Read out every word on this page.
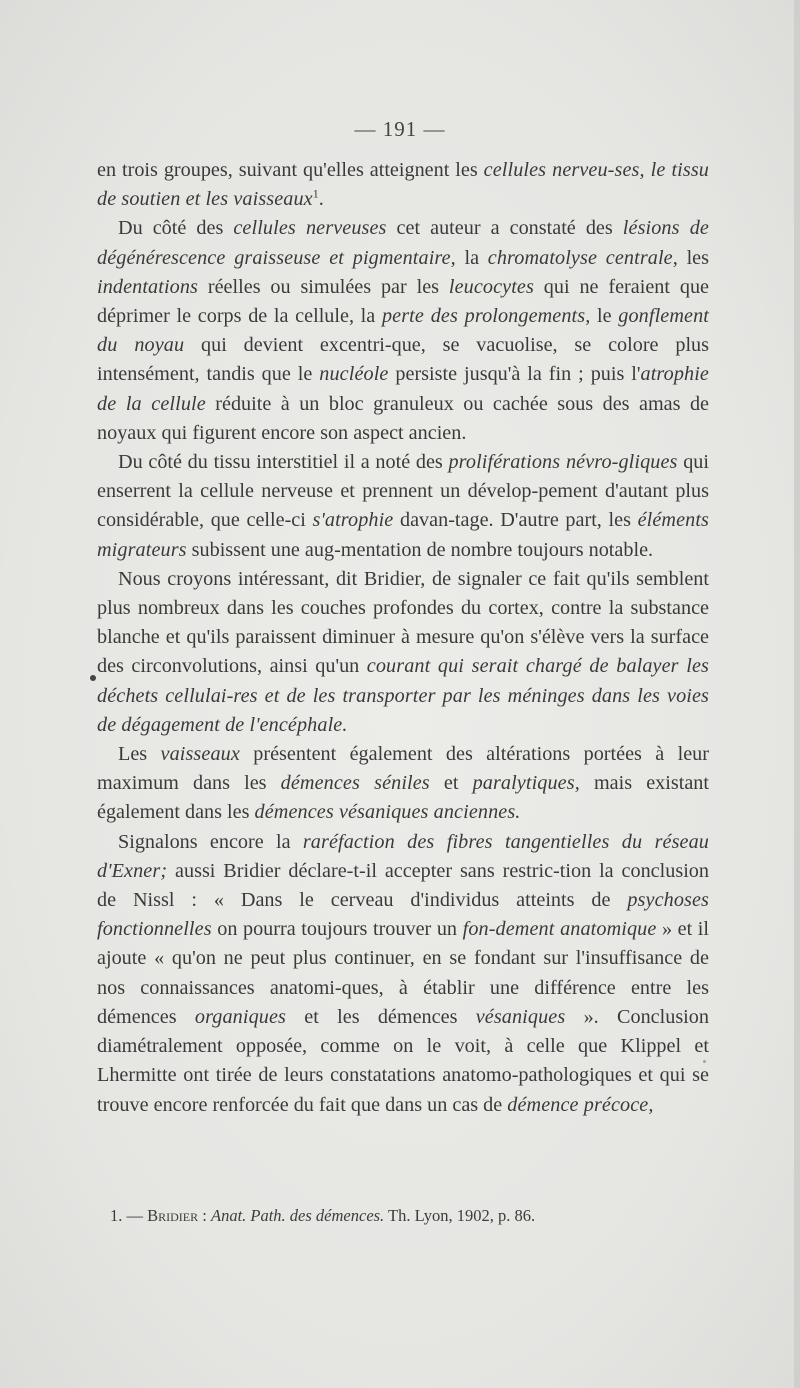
— 191 —

en trois groupes, suivant qu'elles atteignent les cellules nerveu-ses, le tissu de soutien et les vaisseaux$^1$.

Du côté des cellules nerveuses cet auteur a constaté des lésions de dégénérescence graisseuse et pigmentaire, la chromatolyse centrale, les indentations réelles ou simulées par les leucocytes qui ne feraient que déprimer le corps de la cellule, la perte des prolongements, le gonflement du noyau qui devient excentri-que, se vacuolise, se colore plus intensément, tandis que le nucléole persiste jusqu'à la fin ; puis l'atrophie de la cellule réduite à un bloc granuleux ou cachée sous des amas de noyaux qui figurent encore son aspect ancien.

Du côté du tissu interstitiel il a noté des proliférations névro-gliques qui enserrent la cellule nerveuse et prennent un dévelop-pement d'autant plus considérable, que celle-ci s'atrophie davan-tage. D'autre part, les éléments migrateurs subissent une aug-mentation de nombre toujours notable.

Nous croyons intéressant, dit Bridier, de signaler ce fait qu'ils semblent plus nombreux dans les couches profondes du cortex, contre la substance blanche et qu'ils paraissent diminuer à mesure qu'on s'élève vers la surface des circonvolutions, ainsi qu'un courant qui serait chargé de balayer les déchets cellulai-res et de les transporter par les méninges dans les voies de dégagement de l'encéphale.

Les vaisseaux présentent également des altérations portées à leur maximum dans les démences séniles et paralytiques, mais existant également dans les démences vésaniques anciennes.

Signalons encore la raréfaction des fibres tangentielles du réseau d'Exner; aussi Bridier déclare-t-il accepter sans restric-tion la conclusion de Nissl : « Dans le cerveau d'individus atteints de psychoses fonctionnelles on pourra toujours trouver un fon-dement anatomique » et il ajoute « qu'on ne peut plus continuer, en se fondant sur l'insuffisance de nos connaissances anatomi-ques, à établir une différence entre les démences organiques et les démences vésaniques ». Conclusion diamétralement opposée, comme on le voit, à celle que Klippel et Lhermitte ont tirée de leurs constatations anatomo-pathologiques et qui se trouve encore renforcée du fait que dans un cas de démence précoce,

1. — Bridier : Anat. Path. des démences. Th. Lyon, 1902, p. 86.
